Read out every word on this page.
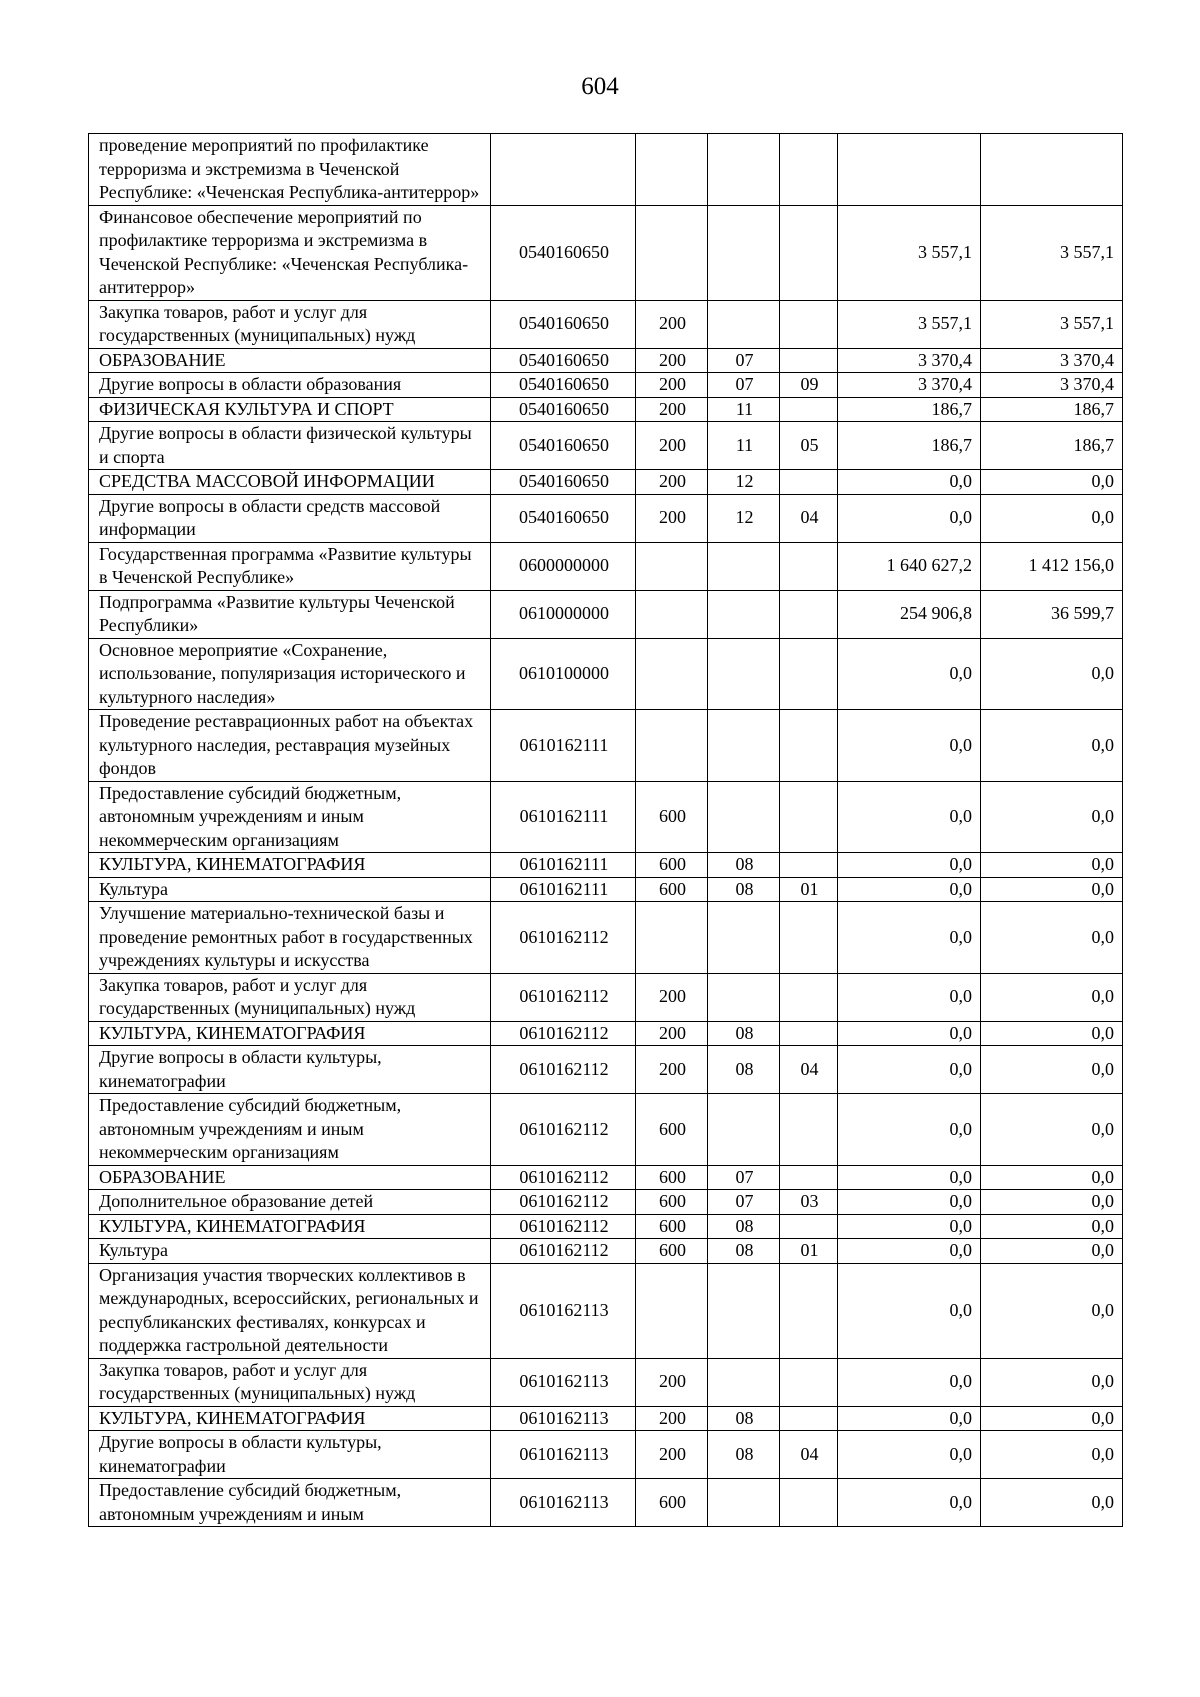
604
проведение мероприятий по профилактике терроризма и экстремизма в Чеченской Республике: «Чеченская Республика-антитеррор»						
Финансовое обеспечение мероприятий по профилактике терроризма и экстремизма в Чеченской Республике: «Чеченская Республика-антитеррор»	0540160650				3 557,1	3 557,1
Закупка товаров, работ и услуг для государственных (муниципальных) нужд	0540160650	200			3 557,1	3 557,1
ОБРАЗОВАНИЕ	0540160650	200	07		3 370,4	3 370,4
Другие вопросы в области образования	0540160650	200	07	09	3 370,4	3 370,4
ФИЗИЧЕСКАЯ КУЛЬТУРА И СПОРТ	0540160650	200	11		186,7	186,7
Другие вопросы в области физической культуры и спорта	0540160650	200	11	05	186,7	186,7
СРЕДСТВА МАССОВОЙ ИНФОРМАЦИИ	0540160650	200	12		0,0	0,0
Другие вопросы в области средств массовой информации	0540160650	200	12	04	0,0	0,0
Государственная программа «Развитие культуры в Чеченской Республике»	0600000000				1 640 627,2	1 412 156,0
Подпрограмма «Развитие культуры Чеченской Республики»	0610000000				254 906,8	36 599,7
Основное мероприятие «Сохранение, использование, популяризация исторического и культурного наследия»	0610100000				0,0	0,0
Проведение реставрационных работ на объектах культурного наследия, реставрация музейных фондов	0610162111				0,0	0,0
Предоставление субсидий бюджетным, автономным учреждениям и иным некоммерческим организациям	0610162111	600			0,0	0,0
КУЛЬТУРА, КИНЕМАТОГРАФИЯ	0610162111	600	08		0,0	0,0
Культура	0610162111	600	08	01	0,0	0,0
Улучшение материально-технической базы и проведение ремонтных работ в государственных учреждениях культуры и искусства	0610162112				0,0	0,0
Закупка товаров, работ и услуг для государственных (муниципальных) нужд	0610162112	200			0,0	0,0
КУЛЬТУРА, КИНЕМАТОГРАФИЯ	0610162112	200	08		0,0	0,0
Другие вопросы в области культуры, кинематографии	0610162112	200	08	04	0,0	0,0
Предоставление субсидий бюджетным, автономным учреждениям и иным некоммерческим организациям	0610162112	600			0,0	0,0
ОБРАЗОВАНИЕ	0610162112	600	07		0,0	0,0
Дополнительное образование детей	0610162112	600	07	03	0,0	0,0
КУЛЬТУРА, КИНЕМАТОГРАФИЯ	0610162112	600	08		0,0	0,0
Культура	0610162112	600	08	01	0,0	0,0
Организация участия творческих коллективов в международных, всероссийских, региональных и республиканских фестивалях, конкурсах и поддержка гастрольной деятельности	0610162113				0,0	0,0
Закупка товаров, работ и услуг для государственных (муниципальных) нужд	0610162113	200			0,0	0,0
КУЛЬТУРА, КИНЕМАТОГРАФИЯ	0610162113	200	08		0,0	0,0
Другие вопросы в области культуры, кинематографии	0610162113	200	08	04	0,0	0,0
Предоставление субсидий бюджетным, автономным учреждениям и иным	0610162113	600			0,0	0,0
